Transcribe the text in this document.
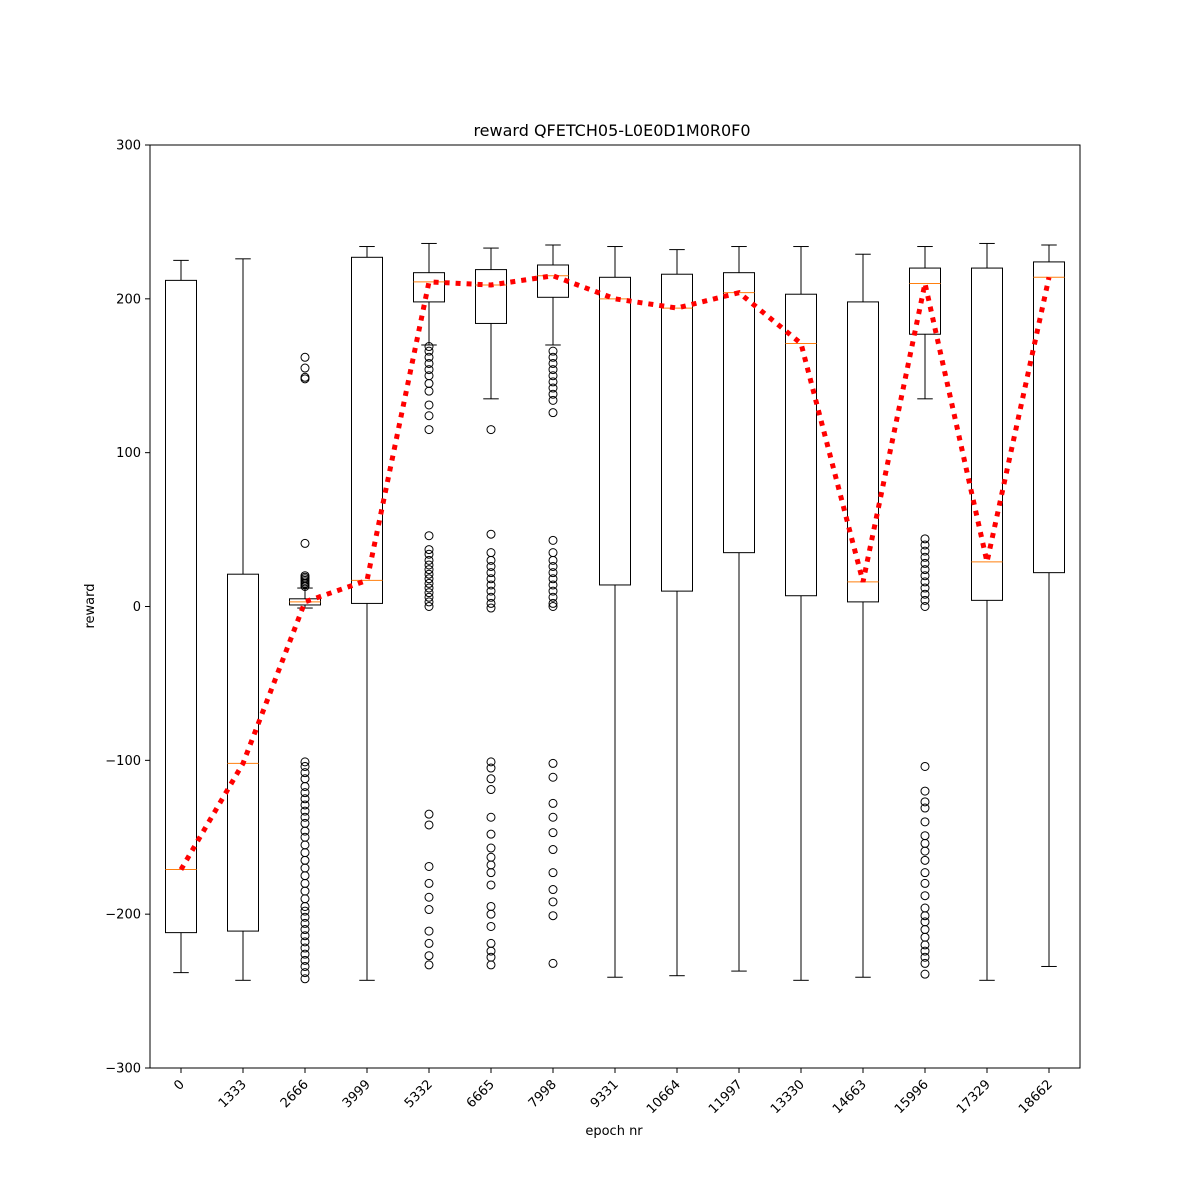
reward QFETCH05-L0E0D1M0R0F0
epoch nr
reward
−300
−200
−100
0
100
200
300
0 1333 2666 3999 5332 6665 7998 9331 10664 11997 13330 14663 15996 17329 18662
